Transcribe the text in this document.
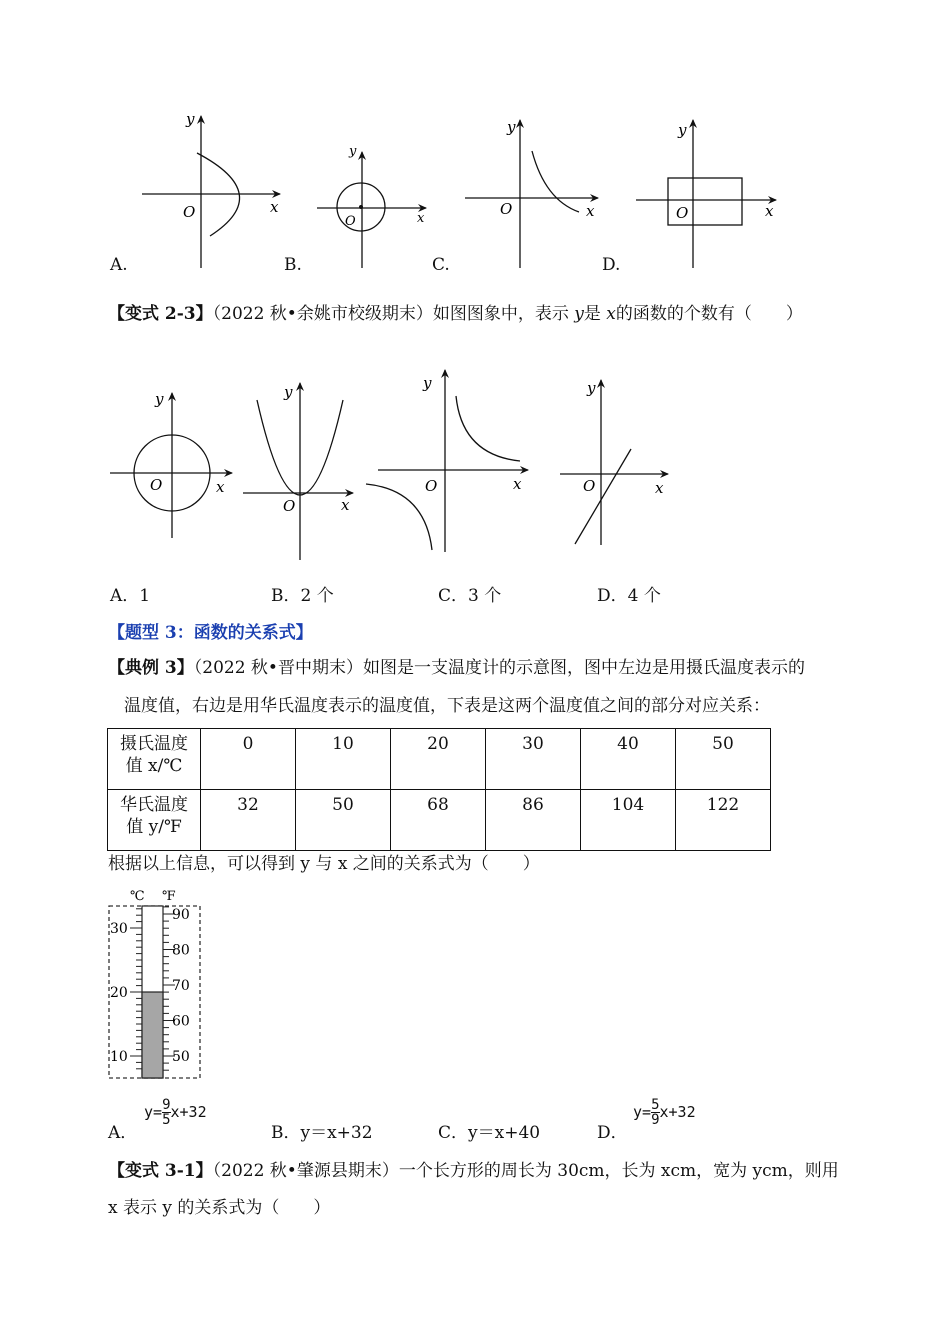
O	x
y
O	x
y
O	x
y
O	x
y
A.	B.	C.	D.
【变式 2-3】（2022 秋•余姚市校级期末）如图图象中，表示 y是 x的函数的个数有（　　）
O	x
y
O	x
y
O	x
y
O	x
y
A．1	B．2 个	C．3 个	D．4 个
【题型 3：函数的关系式】
【典例 3】（2022 秋•晋中期末）如图是一支温度计的示意图，图中左边是用摄氏温度表示的
温度值，右边是用华氏温度表示的温度值，下表是这两个温度值之间的部分对应关系：
摄氏温度
值 x/℃	0	10	20	30	40	50

华氏温度
值 y/℉	32	50	68	86	104	122
根据以上信息，可以得到 y 与 x 之间的关系式为（　　）
℃ ℉
30
20
10
90
80
70
60
50
A．
$y= \frac{9}{5} x+32$
B．y＝x+32	C．y＝x+40	D．
$y= \frac{5}{9} x+32$
【变式 3-1】（2022 秋•肇源县期末）一个长方形的周长为 30cm，长为 xcm，宽为 ycm，则用
x 表示 y 的关系式为（　　）
